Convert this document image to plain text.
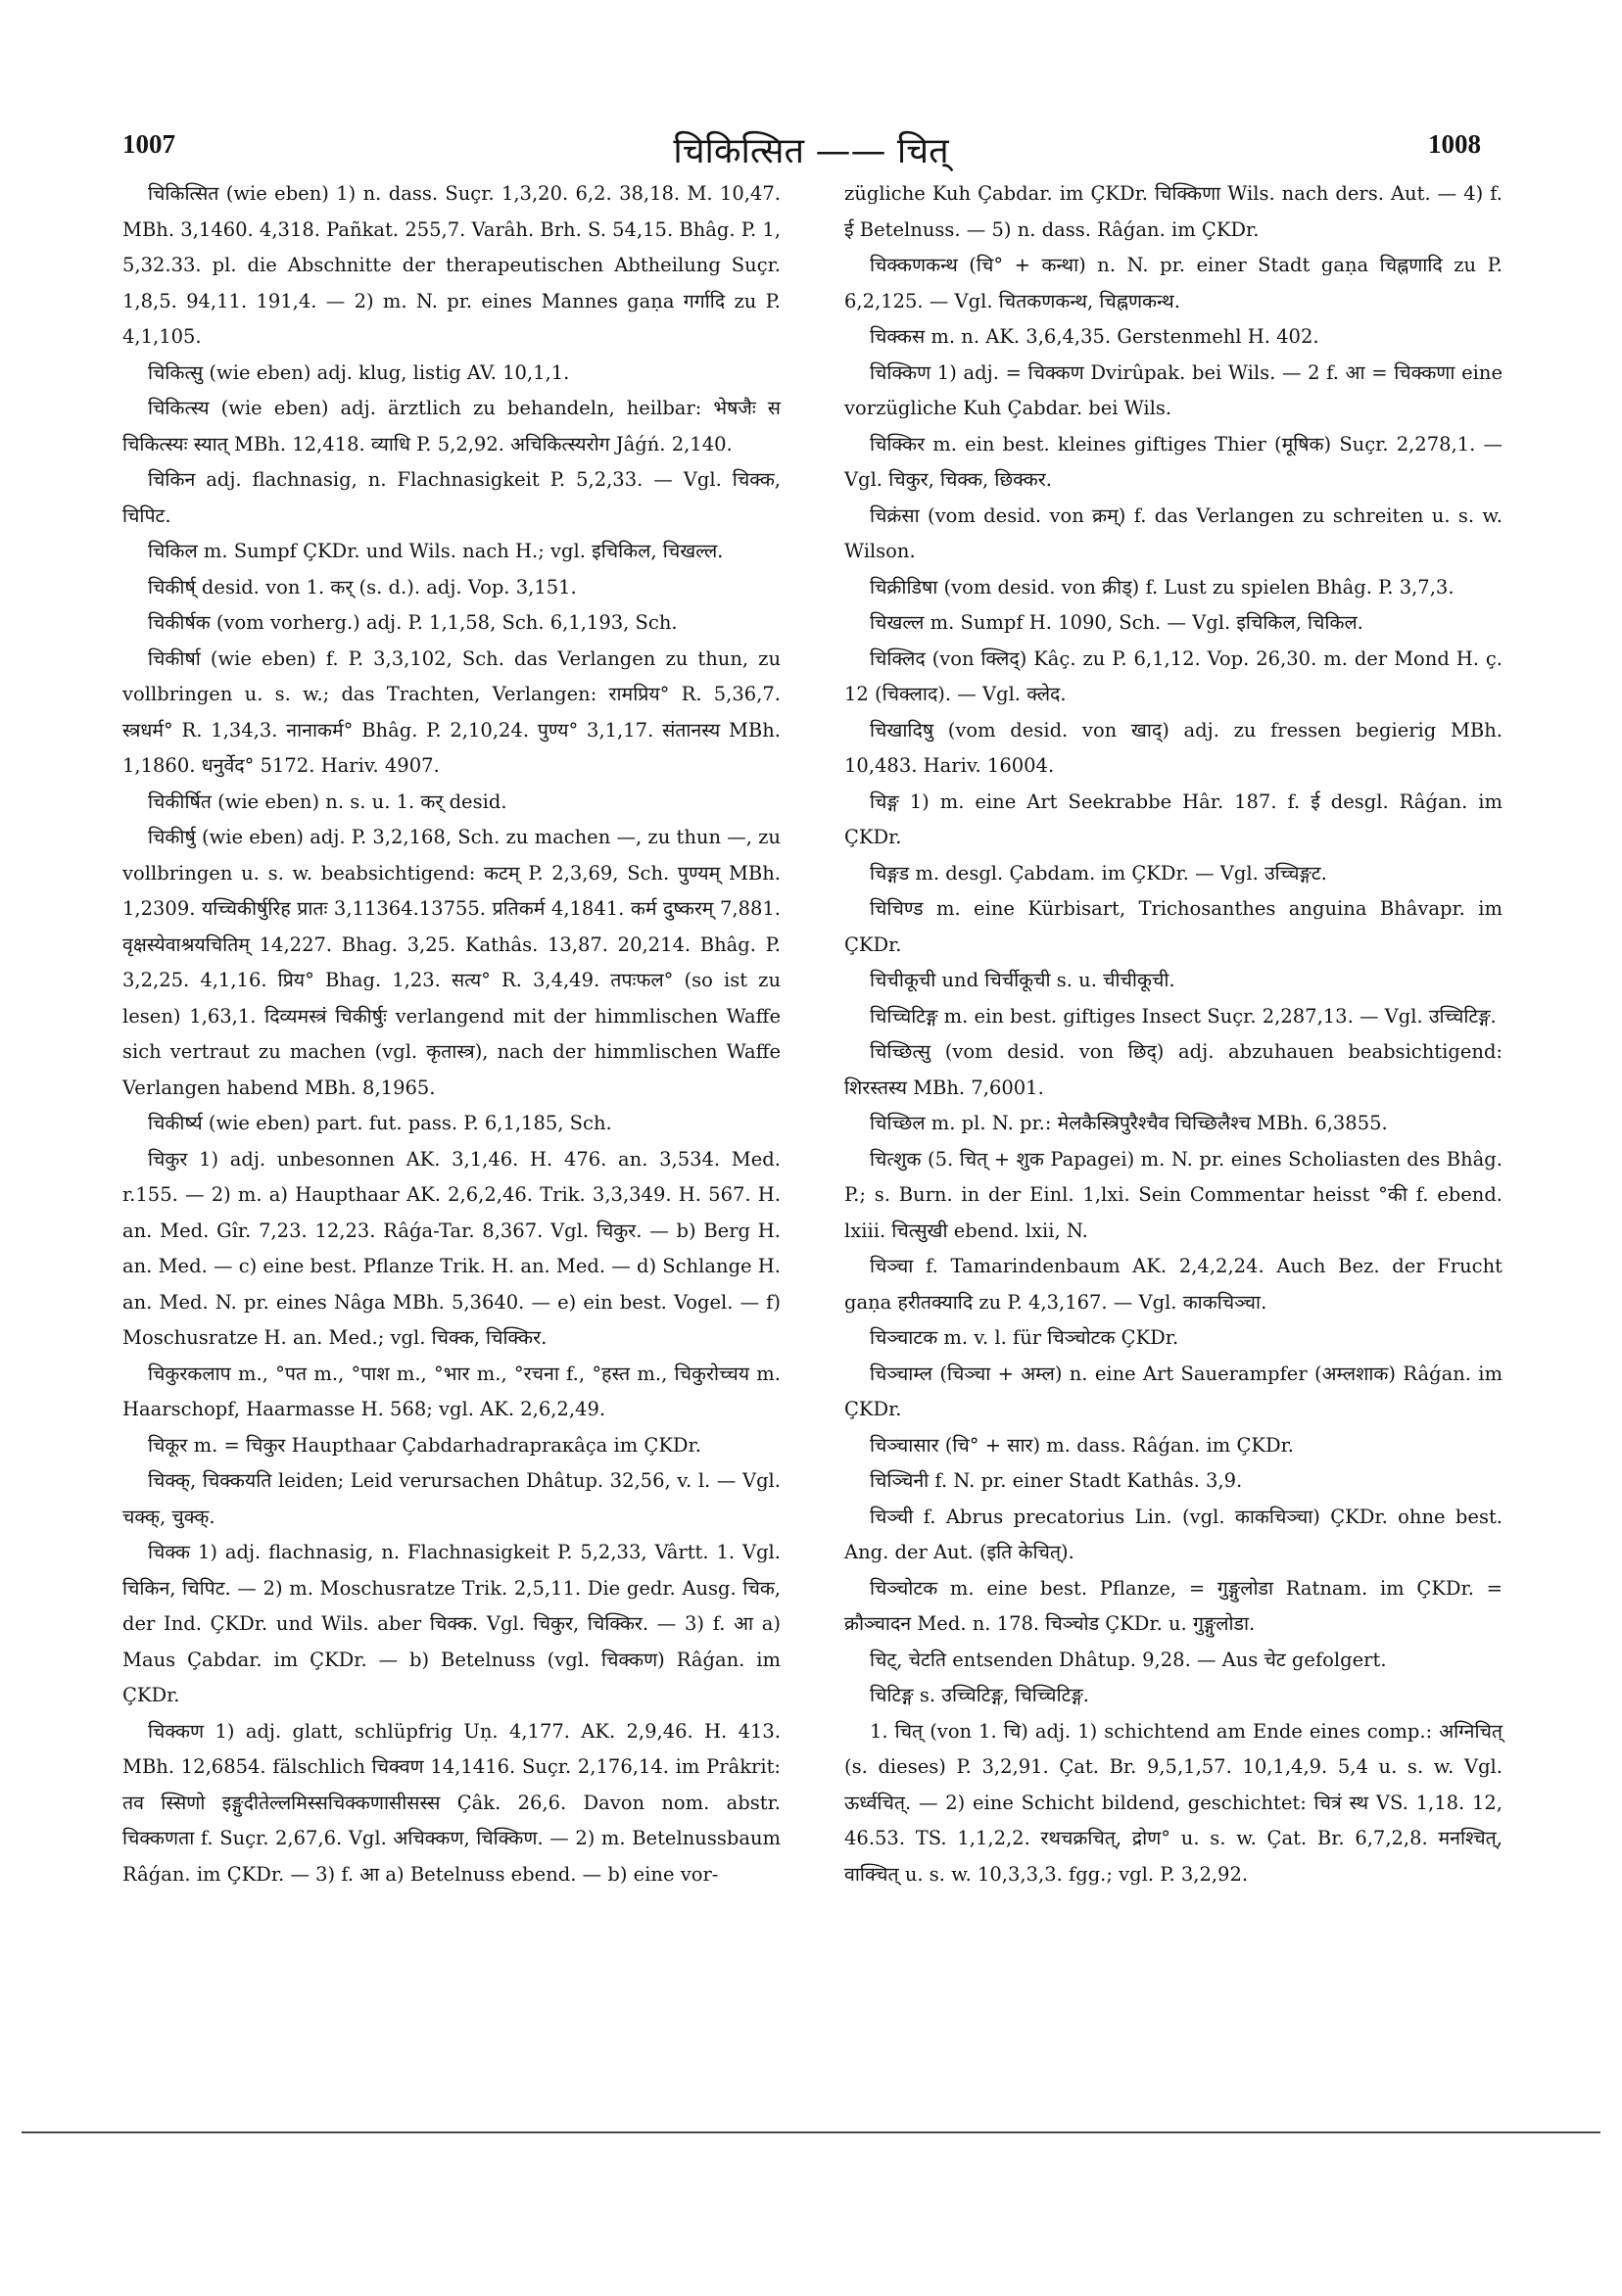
1007	चिकित्सित —— चित्	1008

चिकित्सित (wie eben) 1) n. dass. Suçr. 1,3,20. 6,2. 38,18. M. 10,47. MBh. 3,1460. 4,318. Pañkat. 255,7. Varâh. Brh. S. 54,15. Bhâg. P. 1, 5,32.33. pl. die Abschnitte der therapeutischen Abtheilung Suçr. 1,8,5. 94,11. 191,4. — 2) m. N. pr. eines Mannes gaṇa गर्गादि zu P. 4,1,105.

चिकित्सु (wie eben) adj. klug, listig AV. 10,1,1.

चिकित्स्य (wie eben) adj. ärztlich zu behandeln, heilbar: भेषजैः स चिकित्स्यः स्यात् MBh. 12,418. व्याधि P. 5,2,92. अचिकित्स्यरोग Jâǵń. 2,140.

चिकिन adj. flachnasig, n. Flachnasigkeit P. 5,2,33. — Vgl. चिक्क, चिपिट.

चिकिल m. Sumpf ÇKDr. und Wils. nach H.; vgl. इचिकिल, चिखल्ल.

चिकीर्ष् desid. von 1. कर् (s. d.). adj. Vop. 3,151.

चिकीर्षक (vom vorherg.) adj. P. 1,1,58, Sch. 6,1,193, Sch.

चिकीर्षा (wie eben) f. P. 3,3,102, Sch. das Verlangen zu thun, zu vollbringen u. s. w.; das Trachten, Verlangen: रामप्रिय° R. 5,36,7. स्त्रधर्म° R. 1,34,3. नानाकर्म° Bhâg. P. 2,10,24. पुण्य° 3,1,17. संतानस्य MBh. 1,1860. धनुर्वेद° 5172. Hariv. 4907.

चिकीर्षित (wie eben) n. s. u. 1. कर् desid.

चिकीर्षु (wie eben) adj. P. 3,2,168, Sch. zu machen —, zu thun —, zu vollbringen u. s. w. beabsichtigend: कटम् P. 2,3,69, Sch. पुण्यम् MBh. 1,2309. यच्चिकीर्षुरिह प्रातः 3,11364.13755. प्रतिकर्म 4,1841. कर्म दुष्करम् 7,881. वृक्षस्येवाश्रयचितिम् 14,227. Bhag. 3,25. Kathâs. 13,87. 20,214. Bhâg. P. 3,2,25. 4,1,16. प्रिय° Bhag. 1,23. सत्य° R. 3,4,49. तपःफल° (so ist zu lesen) 1,63,1. दिव्यमस्त्रं चिकीर्षुः verlangend mit der himmlischen Waffe sich vertraut zu machen (vgl. कृतास्त्र), nach der himmlischen Waffe Verlangen habend MBh. 8,1965.

चिकीर्ष्य (wie eben) part. fut. pass. P. 6,1,185, Sch.

चिकुर 1) adj. unbesonnen AK. 3,1,46. H. 476. an. 3,534. Med. r.155. — 2) m. a) Haupthaar AK. 2,6,2,46. Trik. 3,3,349. H. 567. H. an. Med. Gîr. 7,23. 12,23. Râǵa-Tar. 8,367. Vgl. चिकुर. — b) Berg H. an. Med. — c) eine best. Pflanze Trik. H. an. Med. — d) Schlange H. an. Med. N. pr. eines Nâga MBh. 5,3640. — e) ein best. Vogel. — f) Moschusratze H. an. Med.; vgl. चिक्क, चिक्किर.

चिकुरकलाप m., °पत m., °पाश m., °भार m., °रचना f., °हस्त m., चिकुरोच्चय m. Haarschopf, Haarmasse H. 568; vgl. AK. 2,6,2,49.

चिकूर m. = चिकुर Haupthaar Çabdarhadrapraκâça im ÇKDr.

चिक्क्, चिक्कयति leiden; Leid verursachen Dhâtup. 32,56, v. l. — Vgl. चक्क्, चुक्क्.

चिक्क 1) adj. flachnasig, n. Flachnasigkeit P. 5,2,33, Vârtt. 1. Vgl. चिकिन, चिपिट. — 2) m. Moschusratze Trik. 2,5,11. Die gedr. Ausg. चिक, der Ind. ÇKDr. und Wils. aber चिक्क. Vgl. चिकुर, चिक्किर. — 3) f. आ a) Maus Çabdar. im ÇKDr. — b) Betelnuss (vgl. चिक्कण) Râǵan. im ÇKDr.

चिक्कण 1) adj. glatt, schlüpfrig Uṇ. 4,177. AK. 2,9,46. H. 413. MBh. 12,6854. fälschlich चिक्वण 14,1416. Suçr. 2,176,14. im Prâkrit: तव स्सिणो इङ्गुदीतेल्लमिस्सचिक्कणासीसस्स Çâk. 26,6. Davon nom. abstr. चिक्कणता f. Suçr. 2,67,6. Vgl. अचिक्कण, चिक्किण. — 2) m. Betelnussbaum Râǵan. im ÇKDr. — 3) f. आ a) Betelnuss ebend. — b) eine vor-

zügliche Kuh Çabdar. im ÇKDr. चिक्किणा Wils. nach ders. Aut. — 4) f. ई Betelnuss. — 5) n. dass. Râǵan. im ÇKDr.

चिक्कणकन्थ (चि° + कन्था) n. N. pr. einer Stadt gaṇa चिह्नणादि zu P. 6,2,125. — Vgl. चितकणकन्थ, चिह्नणकन्थ.

चिक्कस m. n. AK. 3,6,4,35. Gerstenmehl H. 402.

चिक्किण 1) adj. = चिक्कण Dvirûpak. bei Wils. — 2 f. आ = चिक्कणा eine vorzügliche Kuh Çabdar. bei Wils.

चिक्किर m. ein best. kleines giftiges Thier (मूषिक) Suçr. 2,278,1. — Vgl. चिकुर, चिक्क, छिक्कर.

चिक्रंसा (vom desid. von क्रम्) f. das Verlangen zu schreiten u. s. w. Wilson.

चिक्रीडिषा (vom desid. von क्रीड्) f. Lust zu spielen Bhâg. P. 3,7,3.

चिखल्ल m. Sumpf H. 1090, Sch. — Vgl. इचिकिल, चिकिल.

चिक्लिद (von क्लिद्) Kâç. zu P. 6,1,12. Vop. 26,30. m. der Mond H. ç. 12 (चिक्लाद). — Vgl. क्लेद.

चिखादिषु (vom desid. von खाद्) adj. zu fressen begierig MBh. 10,483. Hariv. 16004.

चिङ्ग 1) m. eine Art Seekrabbe Hâr. 187. f. ई desgl. Râǵan. im ÇKDr.

चिङ्गड m. desgl. Çabdam. im ÇKDr. — Vgl. उच्चिङ्गट.

चिचिण्ड m. eine Kürbisart, Trichosanthes anguina Bhâvapr. im ÇKDr.

चिचीकूची und चिर्चीकूची s. u. चीचीकूची.

चिच्चिटिङ्ग m. ein best. giftiges Insect Suçr. 2,287,13. — Vgl. उच्चिटिङ्ग.

चिच्छित्सु (vom desid. von छिद्) adj. abzuhauen beabsichtigend: शिरस्तस्य MBh. 7,6001.

चिच्छिल m. pl. N. pr.: मेलकैस्त्रिपुरैश्चैव चिच्छिलैश्च MBh. 6,3855.

चित्शुक (5. चित् + शुक Papagei) m. N. pr. eines Scholiasten des Bhâg. P.; s. Burn. in der Einl. 1,lxi. Sein Commentar heisst °की f. ebend. lxiii. चित्सुखी ebend. lxii, N.

चिञ्चा f. Tamarindenbaum AK. 2,4,2,24. Auch Bez. der Frucht gaṇa हरीतक्यादि zu P. 4,3,167. — Vgl. काकचिञ्चा.

चिञ्चाटक m. v. l. für चिञ्चोटक ÇKDr.

चिञ्चाम्ल (चिञ्चा + अम्ल) n. eine Art Sauerampfer (अम्लशाक) Râǵan. im ÇKDr.

चिञ्चासार (चि° + सार) m. dass. Râǵan. im ÇKDr.

चिञ्चिनी f. N. pr. einer Stadt Kathâs. 3,9.

चिञ्ची f. Abrus precatorius Lin. (vgl. काकचिञ्चा) ÇKDr. ohne best. Ang. der Aut. (इति केचित्).

चिञ्चोटक m. eine best. Pflanze, = गुङ्गुलोडा Ratnam. im ÇKDr. = क्रौञ्चादन Med. n. 178. चिञ्चोड ÇKDr. u. गुङ्गुलोडा.

चिट्, चेटति entsenden Dhâtup. 9,28. — Aus चेट gefolgert.

चिटिङ्ग s. उच्चिटिङ्ग, चिच्चिटिङ्ग.

1. चित् (von 1. चि) adj. 1) schichtend am Ende eines comp.: अग्निचित् (s. dieses) P. 3,2,91. Çat. Br. 9,5,1,57. 10,1,4,9. 5,4 u. s. w. Vgl. ऊर्ध्वचित्. — 2) eine Schicht bildend, geschichtet: चित्रं स्थ VS. 1,18. 12, 46.53. TS. 1,1,2,2. रथचक्रचित्, द्रोण° u. s. w. Çat. Br. 6,7,2,8. मनश्चित्, वाक्चित् u. s. w. 10,3,3,3. fgg.; vgl. P. 3,2,92.
